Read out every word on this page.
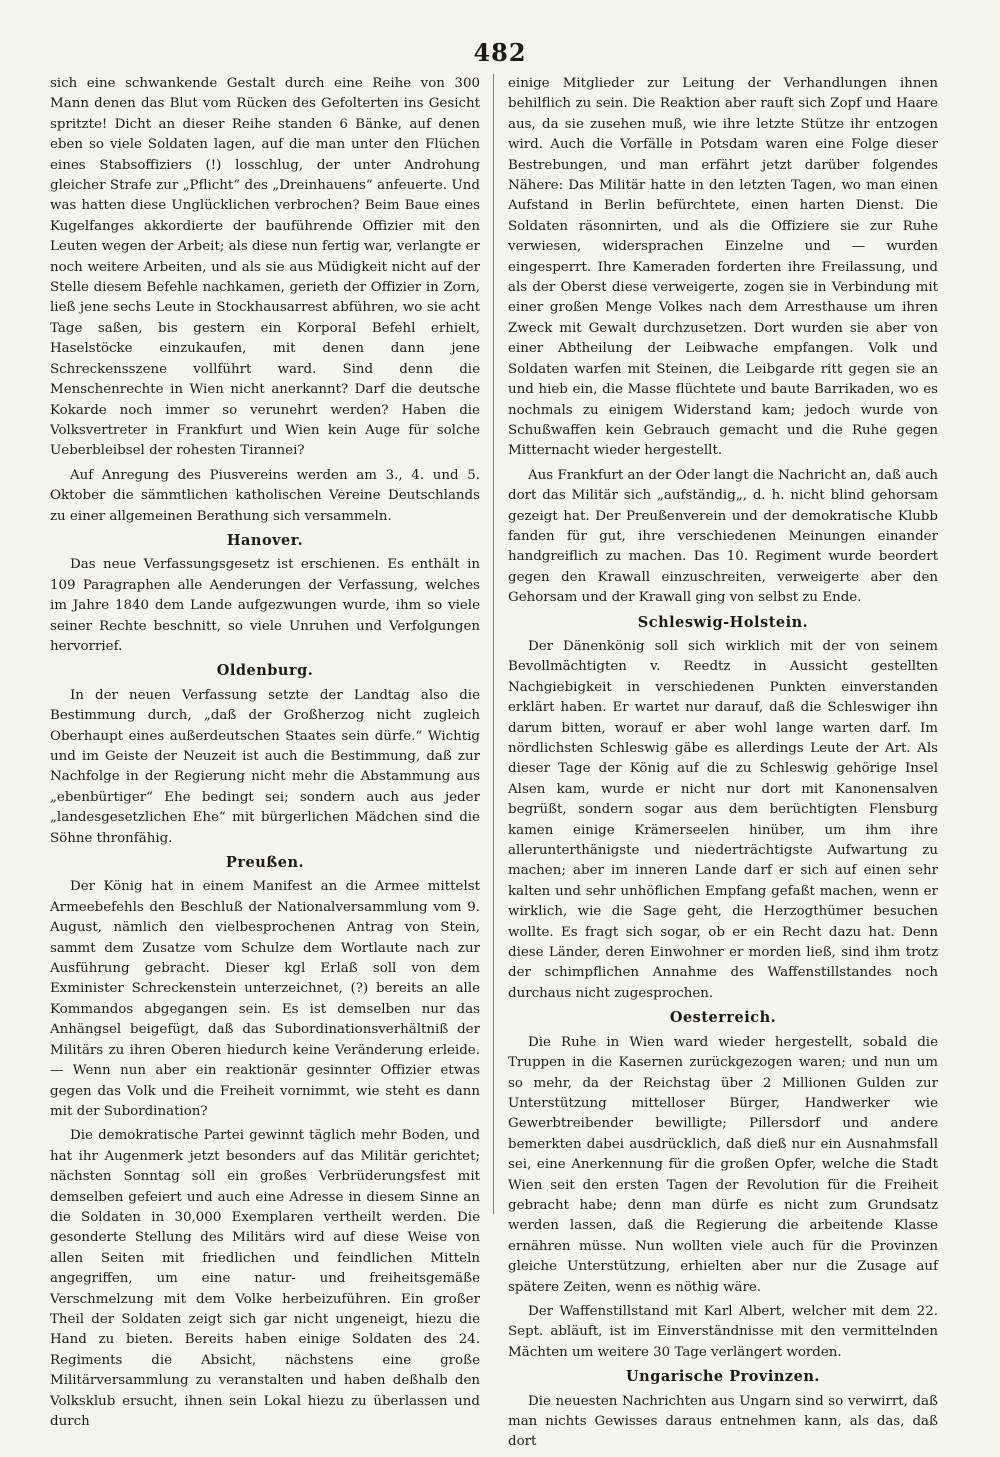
482

sich eine schwankende Gestalt durch eine Reihe von 300 Mann denen das Blut vom Rücken des Gefolterten ins Gesicht spritzte! Dicht an dieser Reihe standen 6 Bänke, auf denen eben so viele Soldaten lagen, auf die man unter den Flüchen eines Stabsoffiziers (!) losschlug, der unter Androhung gleicher Strafe zur „Pflicht“ des „Dreinhauens“ anfeuerte. Und was hatten diese Unglücklichen verbrochen? Beim Baue eines Kugelfanges akkordierte der bauführende Offizier mit den Leuten wegen der Arbeit; als diese nun fertig war, verlangte er noch weitere Arbeiten, und als sie aus Müdigkeit nicht auf der Stelle diesem Befehle nachkamen, gerieth der Offizier in Zorn, ließ jene sechs Leute in Stockhausarrest abführen, wo sie acht Tage saßen, bis gestern ein Korporal Befehl erhielt, Haselstöcke einzukaufen, mit denen dann jene Schreckensszene vollführt ward. Sind denn die Menschenrechte in Wien nicht anerkannt? Darf die deutsche Kokarde noch immer so verunehrt werden? Haben die Volksvertreter in Frankfurt und Wien kein Auge für solche Ueberbleibsel der rohesten Tirannei?

Auf Anregung des Piusvereins werden am 3., 4. und 5. Oktober die sämmtlichen katholischen Vereine Deutschlands zu einer allgemeinen Berathung sich versammeln.

Hanover.

Das neue Verfassungsgesetz ist erschienen. Es enthält in 109 Paragraphen alle Aenderungen der Verfassung, welches im Jahre 1840 dem Lande aufgezwungen wurde, ihm so viele seiner Rechte beschnitt, so viele Unruhen und Verfolgungen hervorrief.

Oldenburg.

In der neuen Verfassung setzte der Landtag also die Bestimmung durch, „daß der Großherzog nicht zugleich Oberhaupt eines außerdeutschen Staates sein dürfe.“ Wichtig und im Geiste der Neuzeit ist auch die Bestimmung, daß zur Nachfolge in der Regierung nicht mehr die Abstammung aus „ebenbürtiger“ Ehe bedingt sei; sondern auch aus jeder „landesgesetzlichen Ehe“ mit bürgerlichen Mädchen sind die Söhne thronfähig.

Preußen.

Der König hat in einem Manifest an die Armee mittelst Armeebefehls den Beschluß der Nationalversammlung vom 9. August, nämlich den vielbesprochenen Antrag von Stein, sammt dem Zusatze vom Schulze dem Wortlaute nach zur Ausführung gebracht. Dieser kgl Erlaß soll von dem Exminister Schreckenstein unterzeichnet, (?) bereits an alle Kommandos abgegangen sein. Es ist demselben nur das Anhängsel beigefügt, daß das Subordinationsverhältniß der Militärs zu ihren Oberen hiedurch keine Veränderung erleide. — Wenn nun aber ein reaktionär gesinnter Offizier etwas gegen das Volk und die Freiheit vornimmt, wie steht es dann mit der Subordination?

Die demokratische Partei gewinnt täglich mehr Boden, und hat ihr Augenmerk jetzt besonders auf das Militär gerichtet; nächsten Sonntag soll ein großes Verbrüderungsfest mit demselben gefeiert und auch eine Adresse in diesem Sinne an die Soldaten in 30,000 Exemplaren vertheilt werden. Die gesonderte Stellung des Militärs wird auf diese Weise von allen Seiten mit friedlichen und feindlichen Mitteln angegriffen, um eine natur- und freiheitsgemäße Verschmelzung mit dem Volke herbeizuführen. Ein großer Theil der Soldaten zeigt sich gar nicht ungeneigt, hiezu die Hand zu bieten. Bereits haben einige Soldaten des 24. Regiments die Absicht, nächstens eine große Militärversammlung zu veranstalten und haben deßhalb den Volksklub ersucht, ihnen sein Lokal hiezu zu überlassen und durch

einige Mitglieder zur Leitung der Verhandlungen ihnen behilflich zu sein. Die Reaktion aber rauft sich Zopf und Haare aus, da sie zusehen muß, wie ihre letzte Stütze ihr entzogen wird. Auch die Vorfälle in Potsdam waren eine Folge dieser Bestrebungen, und man erfährt jetzt darüber folgendes Nähere: Das Militär hatte in den letzten Tagen, wo man einen Aufstand in Berlin befürchtete, einen harten Dienst. Die Soldaten räsonnirten, und als die Offiziere sie zur Ruhe verwiesen, widersprachen Einzelne und — wurden eingesperrt. Ihre Kameraden forderten ihre Freilassung, und als der Oberst diese verweigerte, zogen sie in Verbindung mit einer großen Menge Volkes nach dem Arresthause um ihren Zweck mit Gewalt durchzusetzen. Dort wurden sie aber von einer Abtheilung der Leibwache empfangen. Volk und Soldaten warfen mit Steinen, die Leibgarde ritt gegen sie an und hieb ein, die Masse flüchtete und baute Barrikaden, wo es nochmals zu einigem Widerstand kam; jedoch wurde von Schußwaffen kein Gebrauch gemacht und die Ruhe gegen Mitternacht wieder hergestellt.

Aus Frankfurt an der Oder langt die Nachricht an, daß auch dort das Militär sich „aufständig„, d. h. nicht blind gehorsam gezeigt hat. Der Preußenverein und der demokratische Klubb fanden für gut, ihre verschiedenen Meinungen einander handgreiflich zu machen. Das 10. Regiment wurde beordert gegen den Krawall einzuschreiten, verweigerte aber den Gehorsam und der Krawall ging von selbst zu Ende.

Schleswig-Holstein.

Der Dänenkönig soll sich wirklich mit der von seinem Bevollmächtigten v. Reedtz in Aussicht gestellten Nachgiebigkeit in verschiedenen Punkten einverstanden erklärt haben. Er wartet nur darauf, daß die Schleswiger ihn darum bitten, worauf er aber wohl lange warten darf. Im nördlichsten Schleswig gäbe es allerdings Leute der Art. Als dieser Tage der König auf die zu Schleswig gehörige Insel Alsen kam, wurde er nicht nur dort mit Kanonensalven begrüßt, sondern sogar aus dem berüchtigten Flensburg kamen einige Krämerseelen hinüber, um ihm ihre allerunterthänigste und niederträchtigste Aufwartung zu machen; aber im inneren Lande darf er sich auf einen sehr kalten und sehr unhöflichen Empfang gefaßt machen, wenn er wirklich, wie die Sage geht, die Herzogthümer besuchen wollte. Es fragt sich sogar, ob er ein Recht dazu hat. Denn diese Länder, deren Einwohner er morden ließ, sind ihm trotz der schimpflichen Annahme des Waffenstillstandes noch durchaus nicht zugesprochen.

Oesterreich.

Die Ruhe in Wien ward wieder hergestellt, sobald die Truppen in die Kasernen zurückgezogen waren; und nun um so mehr, da der Reichstag über 2 Millionen Gulden zur Unterstützung mittelloser Bürger, Handwerker wie Gewerbtreibender bewilligte; Pillersdorf und andere bemerkten dabei ausdrücklich, daß dieß nur ein Ausnahmsfall sei, eine Anerkennung für die großen Opfer, welche die Stadt Wien seit den ersten Tagen der Revolution für die Freiheit gebracht habe; denn man dürfe es nicht zum Grundsatz werden lassen, daß die Regierung die arbeitende Klasse ernähren müsse. Nun wollten viele auch für die Provinzen gleiche Unterstützung, erhielten aber nur die Zusage auf spätere Zeiten, wenn es nöthig wäre.

Der Waffenstillstand mit Karl Albert, welcher mit dem 22. Sept. abläuft, ist im Einverständnisse mit den vermittelnden Mächten um weitere 30 Tage verlängert worden.

Ungarische Provinzen.

Die neuesten Nachrichten aus Ungarn sind so verwirrt, daß man nichts Gewisses daraus entnehmen kann, als das, daß dort
